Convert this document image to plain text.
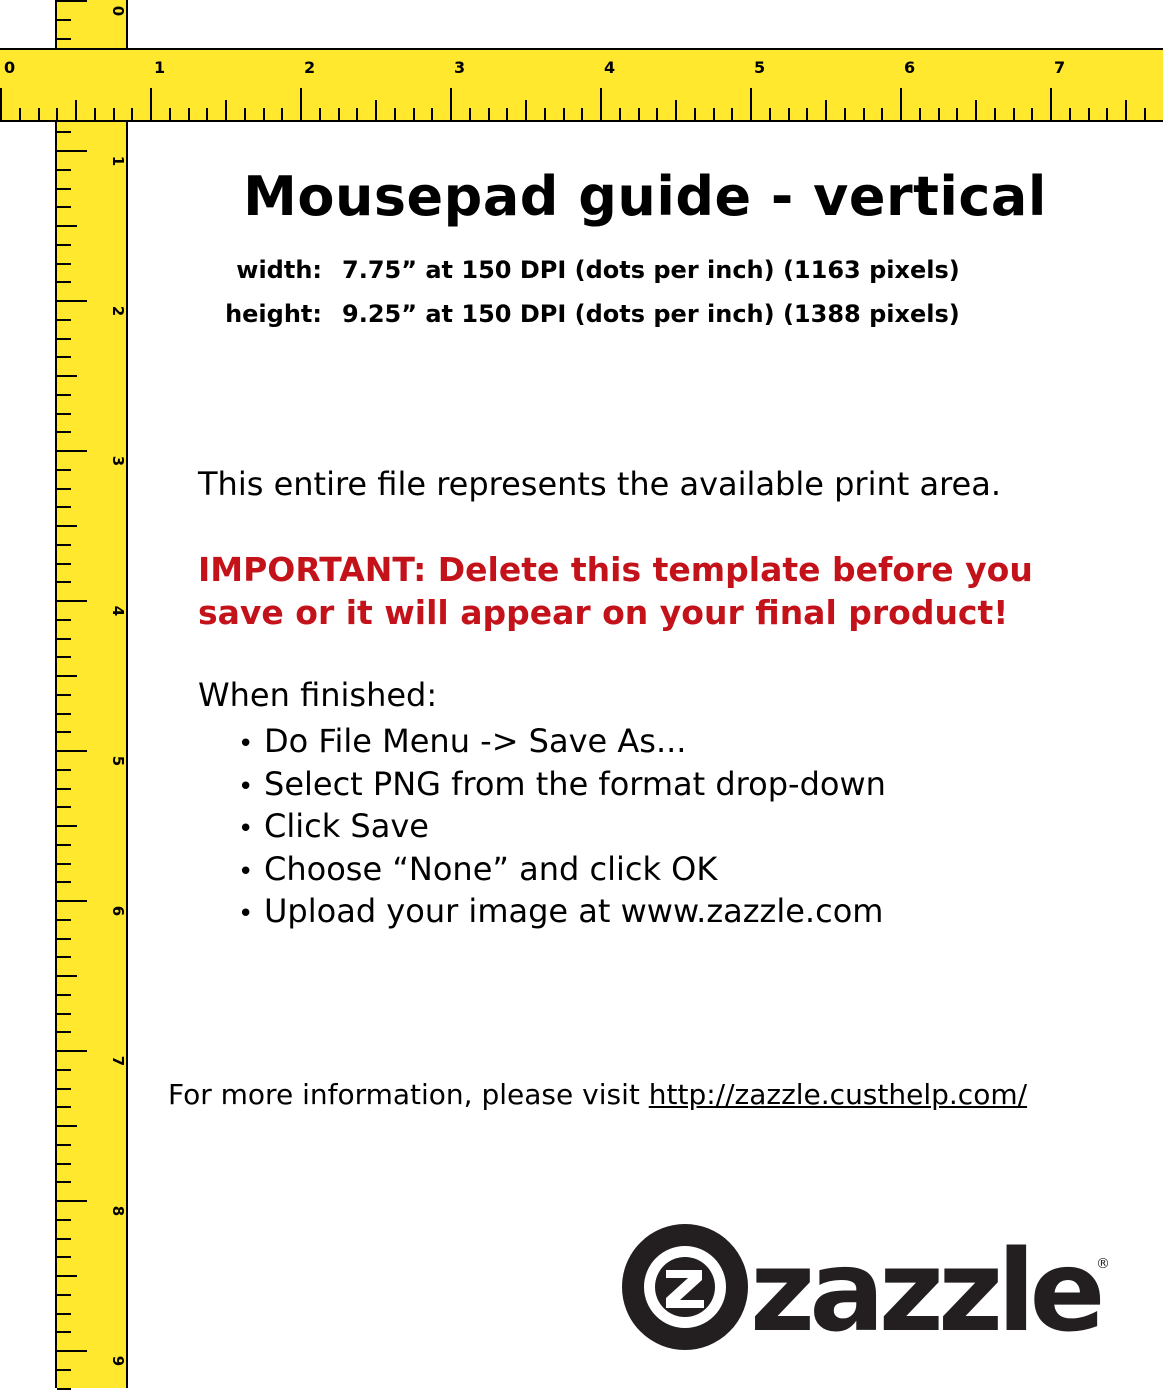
0
1
2
3
4
5
6
7
8
9
0	1	2	3	4	5	6	7
Mousepad guide - vertical
width: 7.75” at 150 DPI (dots per inch) (1163 pixels)
height: 9.25” at 150 DPI (dots per inch) (1388 pixels)
This entire file represents the available print area.
IMPORTANT: Delete this template before you
save or it will appear on your final product!
When finished:
• Do File Menu -> Save As...
• Select PNG from the format drop-down
• Click Save
• Choose “None” and click OK
• Upload your image at www.zazzle.com
For more information, please visit http://zazzle.custhelp.com/
zazzle
®
